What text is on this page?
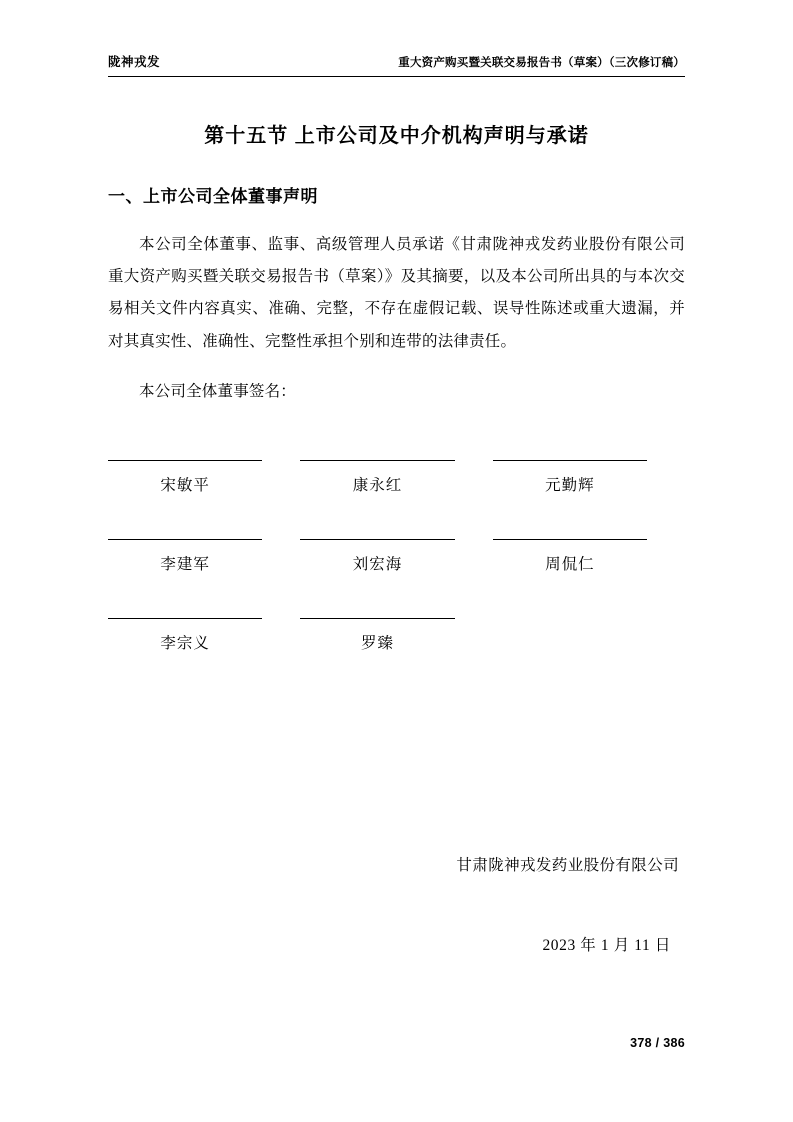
陇神戎发	重大资产购买暨关联交易报告书（草案）（三次修订稿）
第十五节 上市公司及中介机构声明与承诺
一、上市公司全体董事声明
本公司全体董事、监事、高级管理人员承诺《甘肃陇神戎发药业股份有限公司重大资产购买暨关联交易报告书（草案）》及其摘要，以及本公司所出具的与本次交易相关文件内容真实、准确、完整，不存在虚假记载、误导性陈述或重大遗漏，并对其真实性、准确性、完整性承担个别和连带的法律责任。
本公司全体董事签名：
宋敏平	康永红	元勤辉
李建军	刘宏海	周侃仁
李宗义	罗臻
甘肃陇神戎发药业股份有限公司
2023 年 1 月 11 日
378 / 386
